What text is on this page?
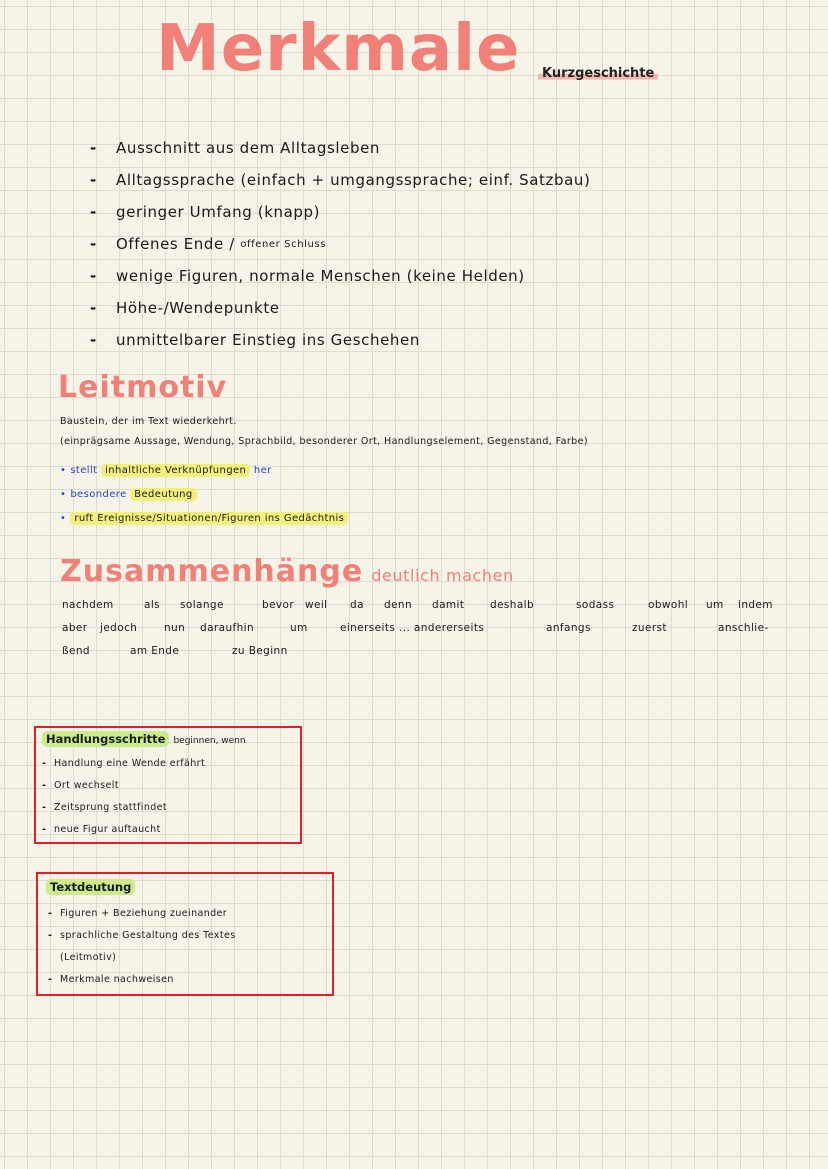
Merkmale	Kurzgeschichte
-	Ausschnitt aus dem Alltagsleben
-	Alltagssprache (einfach + umgangssprache; einf. Satzbau)
-	geringer Umfang (knapp)
-	Offenes Ende
/
offener Schluss
-	wenige Figuren, normale Menschen (keine Helden)
-	Höhe-/Wendepunkte
-	unmittelbarer Einstieg ins Geschehen
Leitmotiv
Baustein, der im Text wiederkehrt.
(einprägsame Aussage, Wendung, Sprachbild, besonderer Ort, Handlungselement, Gegenstand, Farbe)
• stellt
inhaltliche Verknüpfungen
her
• besondere
Bedeutung
• ruft Ereignisse/Situationen/Figuren ins Gedächtnis
Zusammenhänge deutlich machen
nachdem	als solange	bevor weil da denn damit deshalb	sodass	obwohl um indem
aber jedoch	nun daraufhin	um	einerseits ... andererseits	anfangs	zuerst	anschlie-
ßend	am Ende	zu Beginn
Handlungsschritte beginnen, wenn
- Handlung eine Wende erfährt
- Ort wechselt
- Zeitsprung stattfindet
- neue Figur auftaucht
Textdeutung
- Figuren + Beziehung zueinander
- sprachliche Gestaltung des Textes
(Leitmotiv)
- Merkmale nachweisen
